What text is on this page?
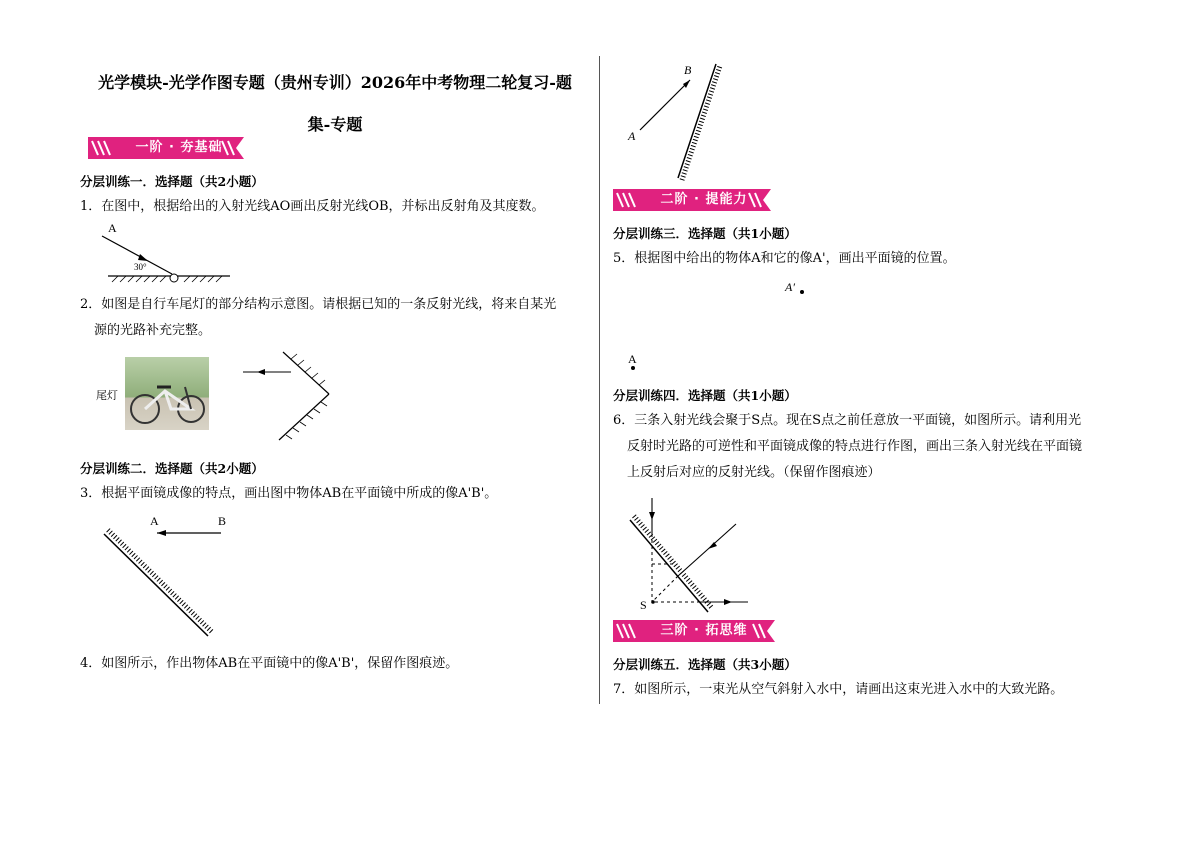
光学模块-光学作图专题（贵州专训）2026年中考物理二轮复习-题
集-专题
一阶 · 夯基础
分层训练一．选择题（共2小题）
1．在图中，根据给出的入射光线AO画出反射光线OB，并标出反射角及其度数。
A
30°
2．如图是自行车尾灯的部分结构示意图。请根据已知的一条反射光线，将来自某光
源的光路补充完整。
尾灯
分层训练二．选择题（共2小题）
3．根据平面镜成像的特点，画出图中物体AB在平面镜中所成的像A'B'。
A	B
4．如图所示，作出物体AB在平面镜中的像A'B'，保留作图痕迹。
B
A
二阶 · 提能力
分层训练三．选择题（共1小题）
5．根据图中给出的物体A和它的像A'，画出平面镜的位置。
A′
A
分层训练四．选择题（共1小题）
6．三条入射光线会聚于S点。现在S点之前任意放一平面镜，如图所示。请利用光
反射时光路的可逆性和平面镜成像的特点进行作图，画出三条入射光线在平面镜
上反射后对应的反射光线。（保留作图痕迹）
S
三阶 · 拓思维
分层训练五．选择题（共3小题）
7．如图所示，一束光从空气斜射入水中，请画出这束光进入水中的大致光路。
